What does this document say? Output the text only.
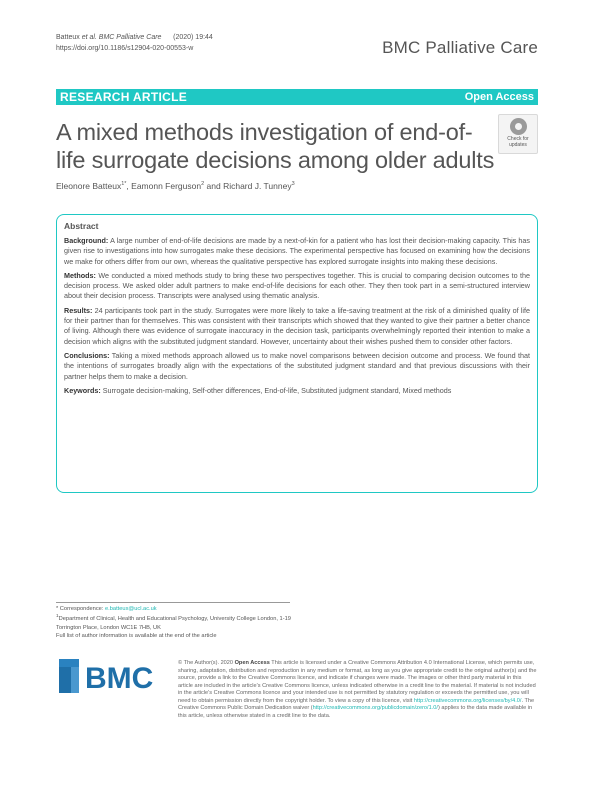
Batteux et al. BMC Palliative Care (2020) 19:44
https://doi.org/10.1186/s12904-020-00553-w	BMC Palliative Care
RESEARCH ARTICLE	Open Access
A mixed methods investigation of end-of-life surrogate decisions among older adults
Check for updates
Eleonore Batteux$^{1*}$, Eamonn Ferguson$^2$ and Richard J. Tunney$^3$
Abstract

Background: A large number of end-of-life decisions are made by a next-of-kin for a patient who has lost their decision-making capacity. This has given rise to investigations into how surrogates make these decisions. The experimental perspective has focused on examining how the decisions we make for others differ from our own, whereas the qualitative perspective has explored surrogate insights into making these decisions.

Methods: We conducted a mixed methods study to bring these two perspectives together. This is crucial to comparing decision outcomes to the decision process. We asked older adult partners to make end-of-life decisions for each other. They then took part in a semi-structured interview about their decision process. Transcripts were analysed using thematic analysis.

Results: 24 participants took part in the study. Surrogates were more likely to take a life-saving treatment at the risk of a diminished quality of life for their partner than for themselves. This was consistent with their transcripts which showed that they wanted to give their partner a better chance of living. Although there was evidence of surrogate inaccuracy in the decision task, participants overwhelmingly reported their intention to make a decision which aligns with the substituted judgment standard. However, uncertainty about their wishes pushed them to consider other factors.

Conclusions: Taking a mixed methods approach allowed us to make novel comparisons between decision outcome and process. We found that the intentions of surrogates broadly align with the expectations of the substituted judgment standard and that previous discussions with their partner helps them to make a decision.

Keywords: Surrogate decision-making, Self-other differences, End-of-life, Substituted judgment standard, Mixed methods

* Correspondence: e.batteux@ucl.ac.uk
$^1$Department of Clinical, Health and Educational Psychology, University College London, 1-19 Torrington Place, London WC1E 7HB, UK
Full list of author information is available at the end of the article
BMC	© The Author(s). 2020 Open Access This article is licensed under a Creative Commons Attribution 4.0 International License, which permits use, sharing, adaptation, distribution and reproduction in any medium or format, as long as you give appropriate credit to the original author(s) and the source, provide a link to the Creative Commons licence, and indicate if changes were made. The images or other third party material in this article are included in the article's Creative Commons licence, unless indicated otherwise in a credit line to the material. If material is not included in the article's Creative Commons licence and your intended use is not permitted by statutory regulation or exceeds the permitted use, you will need to obtain permission directly from the copyright holder. To view a copy of this licence, visit http://creativecommons.org/licenses/by/4.0/. The Creative Commons Public Domain Dedication waiver (http://creativecommons.org/publicdomain/zero/1.0/) applies to the data made available in this article, unless otherwise stated in a credit line to the data.
